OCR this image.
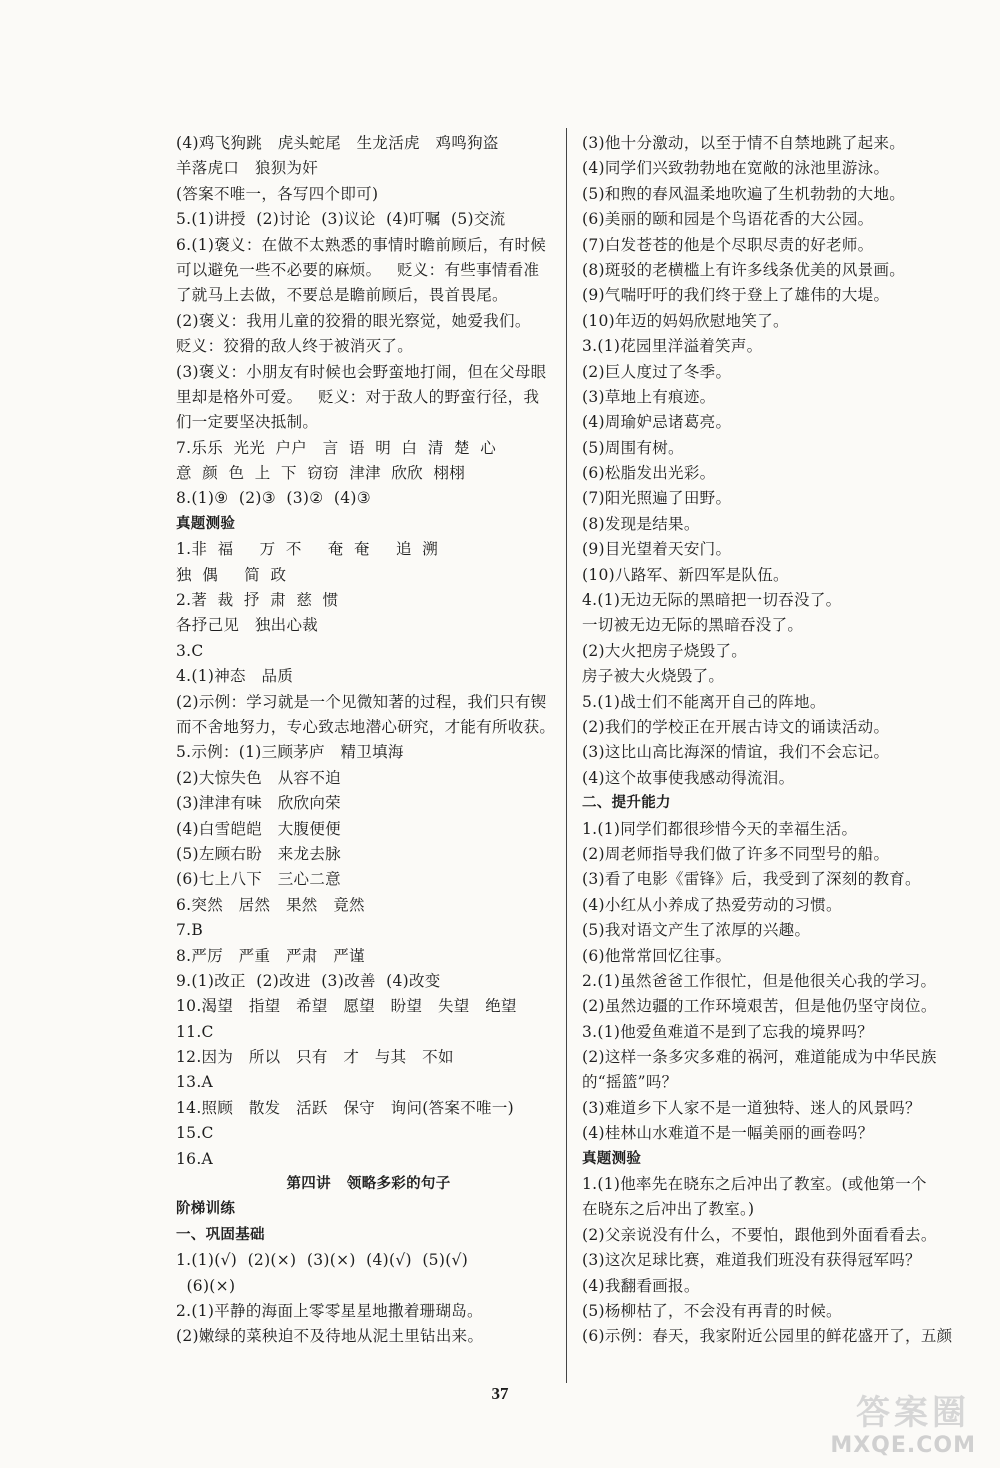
(4)鸡飞狗跳   虎头蛇尾   生龙活虎   鸡鸣狗盗
羊落虎口   狼狈为奸
(答案不唯一，各写四个即可)
5.(1)讲授  (2)讨论  (3)议论  (4)叮嘱  (5)交流
6.(1)褒义：在做不太熟悉的事情时瞻前顾后，有时候
可以避免一些不必要的麻烦。   贬义：有些事情看准
了就马上去做，不要总是瞻前顾后，畏首畏尾。
(2)褒义：我用儿童的狡猾的眼光察觉，她爱我们。
贬义：狡猾的敌人终于被消灭了。
(3)褒义：小朋友有时候也会野蛮地打闹，但在父母眼
里却是格外可爱。   贬义：对于敌人的野蛮行径，我
们一定要坚决抵制。
7.乐乐  光光  户户   言  语  明  白  清  楚  心
意  颜  色  上  下  窃窃  津津  欣欣  栩栩
8.(1)⑨  (2)③  (3)②  (4)③
真题测验
1.非  福     万  不     奄  奄     追  溯
独  偶     简  政
2.著  裁  抒  肃  慈  惯
各抒己见   独出心裁
3.C
4.(1)神态   品质
(2)示例：学习就是一个见微知著的过程，我们只有锲
而不舍地努力，专心致志地潜心研究，才能有所收获。
5.示例：(1)三顾茅庐   精卫填海
(2)大惊失色   从容不迫
(3)津津有味   欣欣向荣
(4)白雪皑皑   大腹便便
(5)左顾右盼   来龙去脉
(6)七上八下   三心二意
6.突然   居然   果然   竟然
7.B
8.严厉   严重   严肃   严谨
9.(1)改正  (2)改进  (3)改善  (4)改变
10.渴望   指望   希望   愿望   盼望   失望   绝望
11.C
12.因为   所以   只有   才   与其   不如
13.A
14.照顾   散发   活跃   保守   询问(答案不唯一)
15.C
16.A
第四讲   领略多彩的句子
阶梯训练
一、巩固基础
1.(1)(√)  (2)(×)  (3)(×)  (4)(√)  (5)(√)
(6)(×)
2.(1)平静的海面上零零星星地撒着珊瑚岛。
(2)嫩绿的菜秧迫不及待地从泥土里钻出来。
(3)他十分激动，以至于情不自禁地跳了起来。
(4)同学们兴致勃勃地在宽敞的泳池里游泳。
(5)和煦的春风温柔地吹遍了生机勃勃的大地。
(6)美丽的颐和园是个鸟语花香的大公园。
(7)白发苍苍的他是个尽职尽责的好老师。
(8)斑驳的老横槛上有许多线条优美的风景画。
(9)气喘吁吁的我们终于登上了雄伟的大堤。
(10)年迈的妈妈欣慰地笑了。
3.(1)花园里洋溢着笑声。
(2)巨人度过了冬季。
(3)草地上有痕迹。
(4)周瑜妒忌诸葛亮。
(5)周围有树。
(6)松脂发出光彩。
(7)阳光照遍了田野。
(8)发现是结果。
(9)目光望着天安门。
(10)八路军、新四军是队伍。
4.(1)无边无际的黑暗把一切吞没了。
一切被无边无际的黑暗吞没了。
(2)大火把房子烧毁了。
房子被大火烧毁了。
5.(1)战士们不能离开自己的阵地。
(2)我们的学校正在开展古诗文的诵读活动。
(3)这比山高比海深的情谊，我们不会忘记。
(4)这个故事使我感动得流泪。
二、提升能力
1.(1)同学们都很珍惜今天的幸福生活。
(2)周老师指导我们做了许多不同型号的船。
(3)看了电影《雷锋》后，我受到了深刻的教育。
(4)小红从小养成了热爱劳动的习惯。
(5)我对语文产生了浓厚的兴趣。
(6)他常常回忆往事。
2.(1)虽然爸爸工作很忙，但是他很关心我的学习。
(2)虽然边疆的工作环境艰苦，但是他仍坚守岗位。
3.(1)他爱鱼难道不是到了忘我的境界吗？
(2)这样一条多灾多难的祸河，难道能成为中华民族
的“摇篮”吗？
(3)难道乡下人家不是一道独特、迷人的风景吗？
(4)桂林山水难道不是一幅美丽的画卷吗？
真题测验
1.(1)他率先在晓东之后冲出了教室。(或他第一个
在晓东之后冲出了教室。)
(2)父亲说没有什么，不要怕，跟他到外面看看去。
(3)这次足球比赛，难道我们班没有获得冠军吗？
(4)我翻看画报。
(5)杨柳枯了，不会没有再青的时候。
(6)示例：春天，我家附近公园里的鲜花盛开了，五颜
37	答案圈
MXQE.COM
